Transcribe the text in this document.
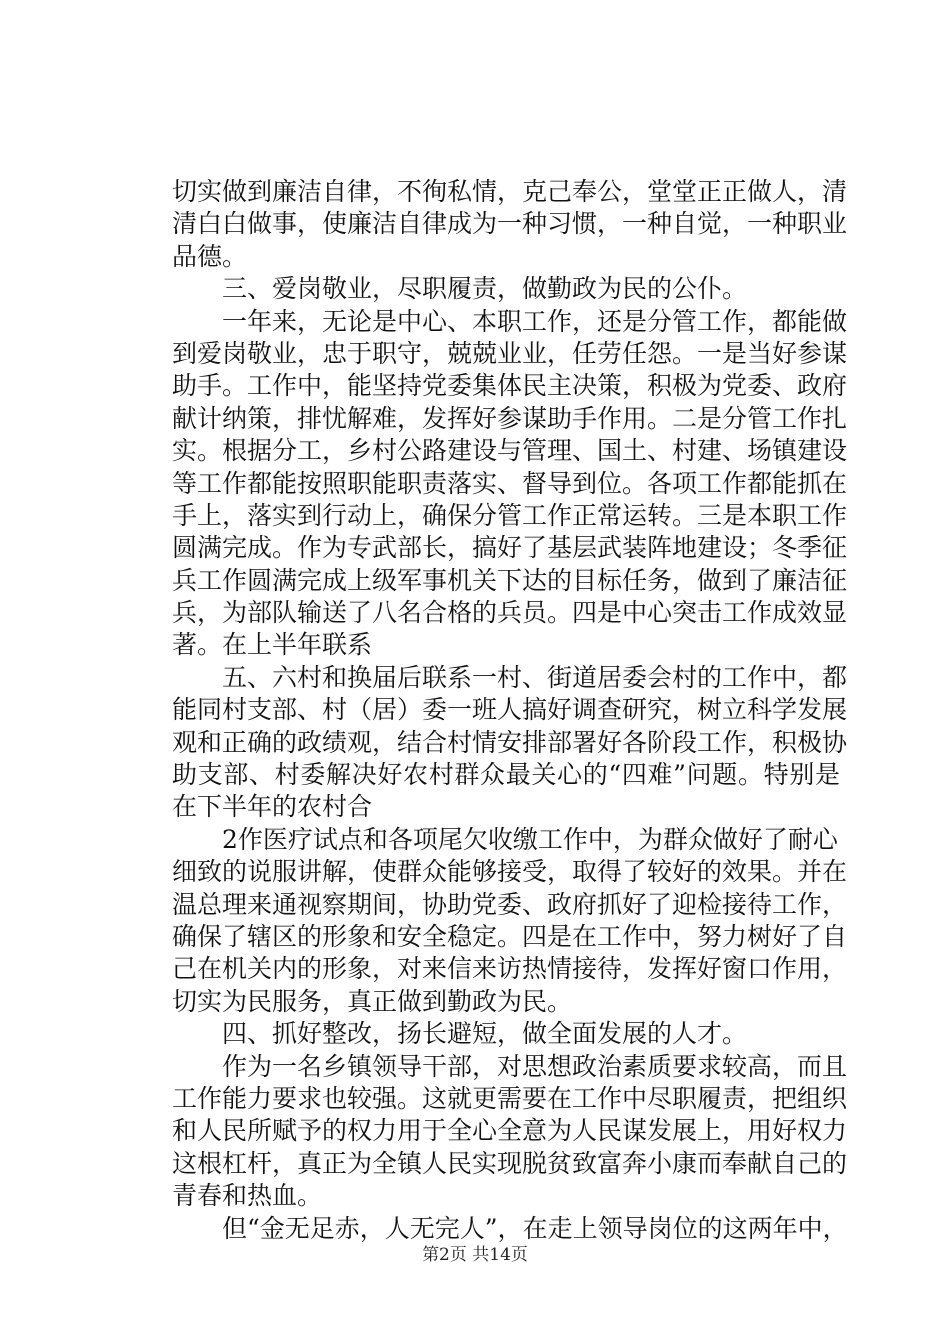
切实做到廉洁自律，不徇私情，克己奉公，堂堂正正做人，清
清白白做事，使廉洁自律成为一种习惯，一种自觉，一种职业
品德。
三、爱岗敬业，尽职履责，做勤政为民的公仆。
一年来，无论是中心、本职工作，还是分管工作，都能做
到爱岗敬业，忠于职守，兢兢业业，任劳任怨。一是当好参谋
助手。工作中，能坚持党委集体民主决策，积极为党委、政府
献计纳策，排忧解难，发挥好参谋助手作用。二是分管工作扎
实。根据分工，乡村公路建设与管理、国土、村建、场镇建设
等工作都能按照职能职责落实、督导到位。各项工作都能抓在
手上，落实到行动上，确保分管工作正常运转。三是本职工作
圆满完成。作为专武部长，搞好了基层武装阵地建设；冬季征
兵工作圆满完成上级军事机关下达的目标任务，做到了廉洁征
兵，为部队输送了八名合格的兵员。四是中心突击工作成效显
著。在上半年联系
五、六村和换届后联系一村、街道居委会村的工作中，都
能同村支部、村（居）委一班人搞好调查研究，树立科学发展
观和正确的政绩观，结合村情安排部署好各阶段工作，积极协
助支部、村委解决好农村群众最关心的“四难”问题。特别是
在下半年的农村合
2作医疗试点和各项尾欠收缴工作中，为群众做好了耐心
细致的说服讲解，使群众能够接受，取得了较好的效果。并在
温总理来通视察期间，协助党委、政府抓好了迎检接待工作，
确保了辖区的形象和安全稳定。四是在工作中，努力树好了自
己在机关内的形象，对来信来访热情接待，发挥好窗口作用，
切实为民服务，真正做到勤政为民。
四、抓好整改，扬长避短，做全面发展的人才。
作为一名乡镇领导干部，对思想政治素质要求较高，而且
工作能力要求也较强。这就更需要在工作中尽职履责，把组织
和人民所赋予的权力用于全心全意为人民谋发展上，用好权力
这根杠杆，真正为全镇人民实现脱贫致富奔小康而奉献自己的
青春和热血。
但“金无足赤，人无完人”，在走上领导岗位的这两年中，
第2页 共14页
